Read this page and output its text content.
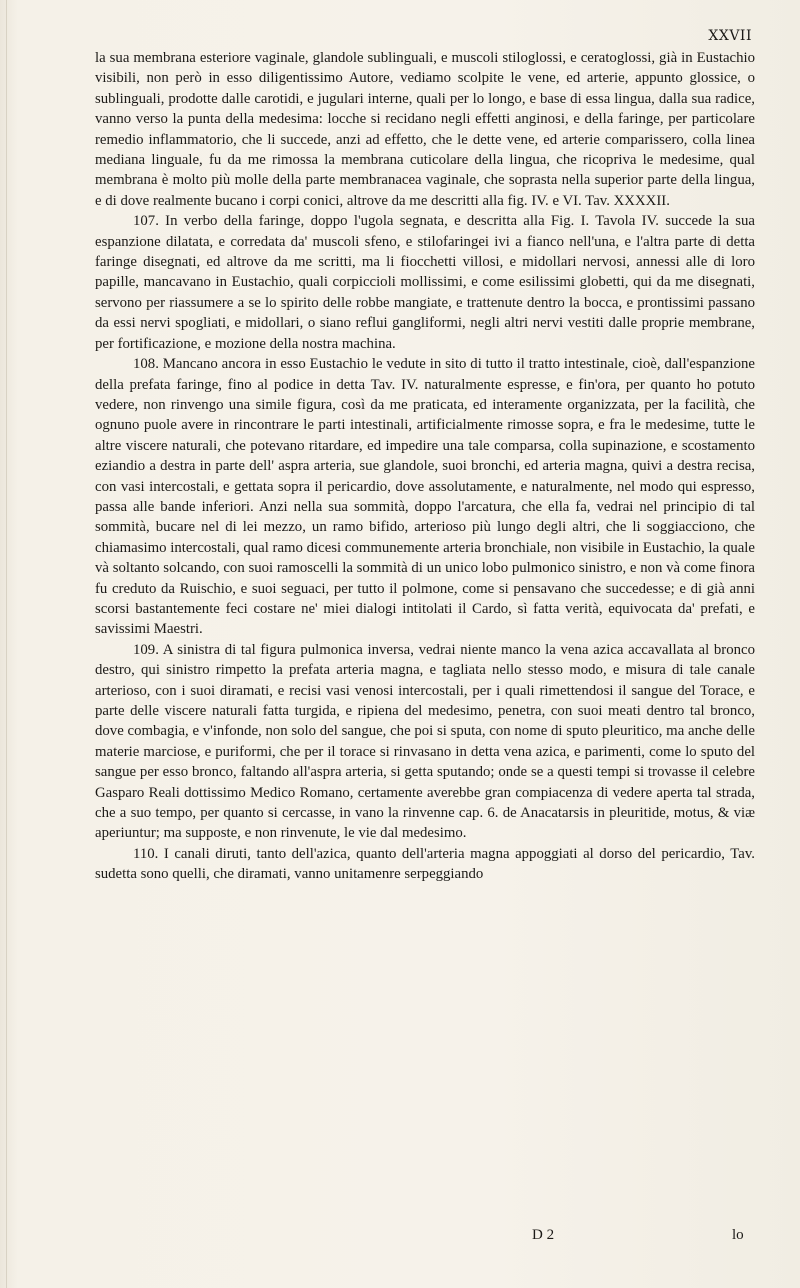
XXVII

la sua membrana esteriore vaginale, glandole sublinguali, e muscoli stiloglossi, e ceratoglossi, già in Eustachio visibili, non però in esso diligentissimo Autore, vediamo scolpite le vene, ed arterie, appunto glossice, o sublinguali, prodotte dalle carotidi, e jugulari interne, quali per lo longo, e base di essa lingua, dalla sua radice, vanno verso la punta della medesima: locche si recidano negli effetti anginosi, e della faringe, per particolare remedio inflammatorio, che li succede, anzi ad effetto, che le dette vene, ed arterie comparissero, colla linea mediana linguale, fu da me rimossa la membrana cuticolare della lingua, che ricopriva le medesime, qual membrana è molto più molle della parte membranacea vaginale, che soprasta nella superior parte della lingua, e di dove realmente bucano i corpi conici, altrove da me descritti alla fig. IV. e VI. Tav. XXXXII.

107. In verbo della faringe, doppo l'ugola segnata, e descritta alla Fig. I. Tavola IV. succede la sua espanzione dilatata, e corredata da' muscoli sfeno, e stilofaringei ivi a fianco nell'una, e l'altra parte di detta faringe disegnati, ed altrove da me scritti, ma li fiocchetti villosi, e midollari nervosi, annessi alle di loro papille, mancavano in Eustachio, quali corpiccioli mollissimi, e come esilissimi globetti, qui da me disegnati, servono per riassumere a se lo spirito delle robbe mangiate, e trattenute dentro la bocca, e prontissimi passano da essi nervi spogliati, e midollari, o siano reflui gangliformi, negli altri nervi vestiti dalle proprie membrane, per fortificazione, e mozione della nostra machina.

108. Mancano ancora in esso Eustachio le vedute in sito di tutto il tratto intestinale, cioè, dall'espanzione della prefata faringe, fino al podice in detta Tav. IV. naturalmente espresse, e fin'ora, per quanto ho potuto vedere, non rinvengo una simile figura, così da me praticata, ed interamente organizzata, per la facilità, che ognuno puole avere in rincontrare le parti intestinali, artificialmente rimosse sopra, e fra le medesime, tutte le altre viscere naturali, che potevano ritardare, ed impedire una tale comparsa, colla supinazione, e scostamento eziandio a destra in parte dell' aspra arteria, sue glandole, suoi bronchi, ed arteria magna, quivi a destra recisa, con vasi intercostali, e gettata sopra il pericardio, dove assolutamente, e naturalmente, nel modo qui espresso, passa alle bande inferiori. Anzi nella sua sommità, doppo l'arcatura, che ella fa, vedrai nel principio di tal sommità, bucare nel di lei mezzo, un ramo bifido, arterioso più lungo degli altri, che li soggiacciono, che chiamasimo intercostali, qual ramo dicesi communemente arteria bronchiale, non visibile in Eustachio, la quale và soltanto solcando, con suoi ramoscelli la sommità di un unico lobo pulmonico sinistro, e non và come finora fu creduto da Ruischio, e suoi seguaci, per tutto il polmone, come si pensavano che succedesse; e di già anni scorsi bastantemente feci costare ne' miei dialogi intitolati il Cardo, sì fatta verità, equivocata da' prefati, e savissimi Maestri.

109. A sinistra di tal figura pulmonica inversa, vedrai niente manco la vena azica accavallata al bronco destro, qui sinistro rimpetto la prefata arteria magna, e tagliata nello stesso modo, e misura di tale canale arterioso, con i suoi diramati, e recisi vasi venosi intercostali, per i quali rimettendosi il sangue del Torace, e parte delle viscere naturali fatta turgida, e ripiena del medesimo, penetra, con suoi meati dentro tal bronco, dove combagia, e v'infonde, non solo del sangue, che poi si sputa, con nome di sputo pleuritico, ma anche delle materie marciose, e puriformi, che per il torace si rinvasano in detta vena azica, e parimenti, come lo sputo del sangue per esso bronco, faltando all'aspra arteria, si getta sputando; onde se a questi tempi si trovasse il celebre Gasparo Reali dottissimo Medico Romano, certamente averebbe gran compiacenza di vedere aperta tal strada, che a suo tempo, per quanto si cercasse, in vano la rinvenne cap. 6. de Anacatarsis in pleuritide, motus, & viæ aperiuntur; ma supposte, e non rinvenute, le vie dal medesimo.

110. I canali diruti, tanto dell'azica, quanto dell'arteria magna appoggiati al dorso del pericardio, Tav. sudetta sono quelli, che diramati, vanno unitamenre serpeggiando

D 2	lo
